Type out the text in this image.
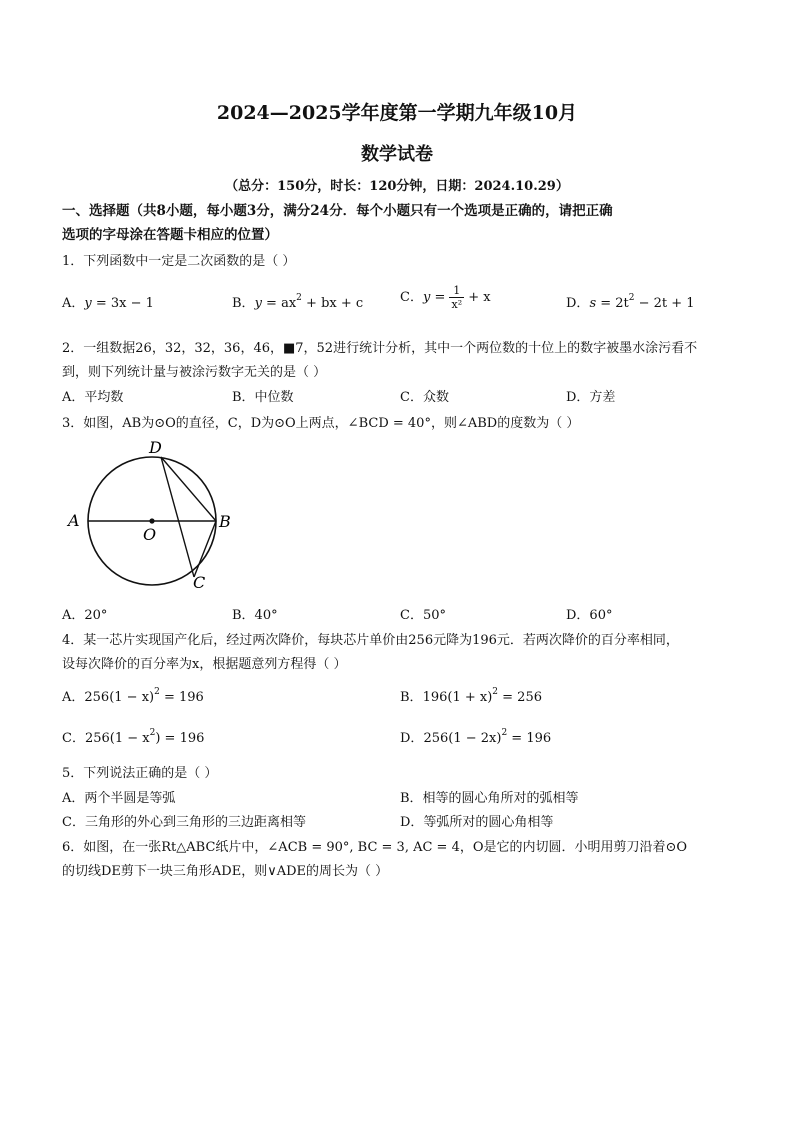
2024—2025学年度第一学期九年级10月
数学试卷
（总分：150分，时长：120分钟，日期：2024.10.29）
一、选择题（共8小题，每小题3分，满分24分．每个小题只有一个选项是正确的，请把正确
选项的字母涂在答题卡相应的位置）
1．下列函数中一定是二次函数的是（ ）
A．y = 3x − 1	B．$y = ax^2$ + bx + c	C．$y = \frac{1}{\text{x²}} + x$	D．$s = 2t^2 - 2t + 1$
2．一组数据26，32，32，36，46，■7，52进行统计分析，其中一个两位数的十位上的数字被墨水涂污看不
到，则下列统计量与被涂污数字无关的是（ ）
A．平均数	B．中位数	C．众数	D．方差
3．如图，AB为⊙O的直径，C，D为⊙O上两点，∠BCD = 40°，则∠ABD的度数为（ ）
A	B
C
D
O
A．20°	B．40°	C．50°	D．60°
4．某一芯片实现国产化后，经过两次降价，每块芯片单价由256元降为196元．若两次降价的百分率相同，
设每次降价的百分率为x，根据题意列方程得（ ）
A．$256(1 - x)^2 = 196$	B．$196(1 + x)^2 = 256$
C．$256(1 - x^2) = 196$	D．$256(1 - 2x)^2 = 196$
5．下列说法正确的是（ ）
A．两个半圆是等弧	B．相等的圆心角所对的弧相等
C．三角形的外心到三角形的三边距离相等	D．等弧所对的圆心角相等
6．如图，在一张Rt△ABC纸片中，∠ACB = 90°, BC = 3, AC = 4，O是它的内切圆．小明用剪刀沿着⊙O
的切线DE剪下一块三角形ADE，则∨ADE的周长为（ ）
